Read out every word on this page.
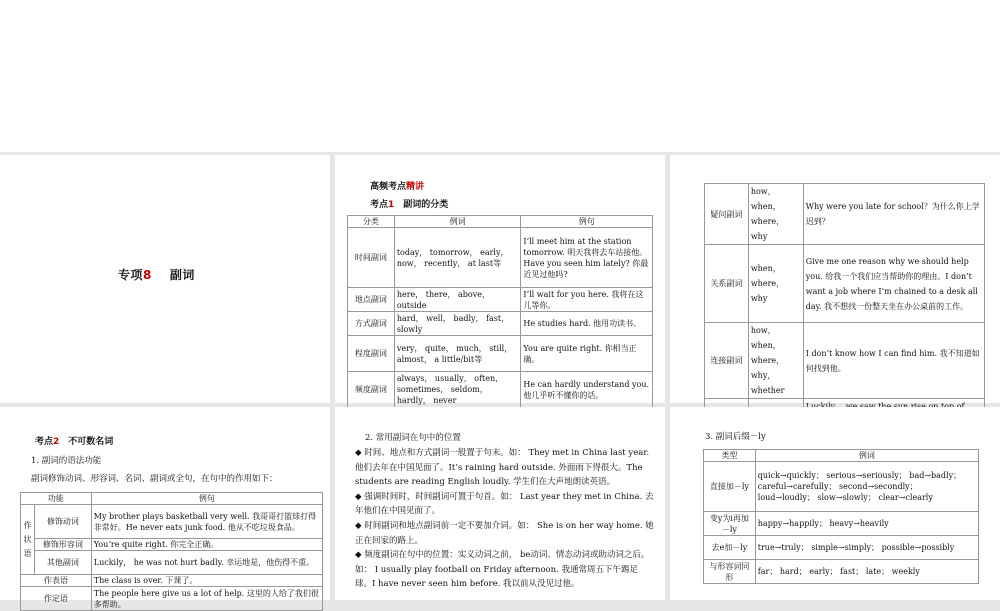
专项8 副词
高频考点精讲
考点1　 副词的分类
分类	例词	例句
时间副词	today， tomorrow， early， now， recently， at last等	I’ll meet him at the station tomorrow. 明天我将去车站接他。Have you seen him lately? 你最近见过他吗?
地点副词	here， there， above， outside	I’ll wait for you here. 我将在这儿等你。
方式副词	hard， well， badly， fast， slowly	He studies hard. 他用功读书。
程度副词	very， quite， much， still， almost， a little/bit等	You are quite right. 你相当正确。
频度副词	always， usually， often， sometimes， seldom， hardly， never	He can hardly understand you. 他几乎听不懂你的话。
疑问副词	how， when， where， why	Why were you late for school？为什么你上学迟到？
关系副词	when， where， why	Give me one reason why we should help you. 给我一个我们应当帮助你的理由。I don’t want a job where I’m chained to a desk all day. 我不想找一份整天坐在办公桌前的工作。
连接副词	how， when， where， why， whether	I don’t know how I can find him. 我不知道如何找到他。

考点2　 不可数名词
1. 副词的语法功能
副词修饰动词、形容词、名词、副词或全句，在句中的作用如下：
功能		例句
作状语	修饰动词	My brother plays basketball very well. 我哥哥打篮球打得非常好。He never eats junk food. 他从不吃垃圾食品。
	修饰形容词	You’re quite right. 你完全正确。
	其他副词	Luckily， he was not hurt badly. 幸运地是，他伤得不重。
作表语		The class is over. 下课了。
作定语		The people here give us a lot of help. 这里的人给了我们很多帮助。
2. 常用副词在句中的位置
◆ 时间、地点和方式副词一般置于句末。如： They met in China last year. 他们去年在中国见面了。It’s raining hard outside. 外面雨下得很大。The students are reading English loudly. 学生们在大声地朗读英语。
◆ 强调时间时，时间副词可置于句首。如： Last year they met in China. 去年他们在中国见面了。
◆ 时间副词和地点副词前一定不要加介词。如： She is on her way home. 她正在回家的路上。
◆ 频度副词在句中的位置：实义动词之前， be动词、情态动词或助动词之后。如： I usually play football on Friday afternoon. 我通常周五下午踢足球。I have never seen him before. 我以前从没见过他。
3. 副词后缀－ly
类型	例词
直接加－ly	quick→quickly； serious→seriously； bad→badly； careful→carefully； second→secondly； loud→loudly； slow→slowly； clear→clearly
变y为i再加－ly	happy→happily； heavy→heavily
去e加－ly	true→truly； simple→simply； possible→possibly
与形容词同形	far； hard； early； fast； late； weekly
